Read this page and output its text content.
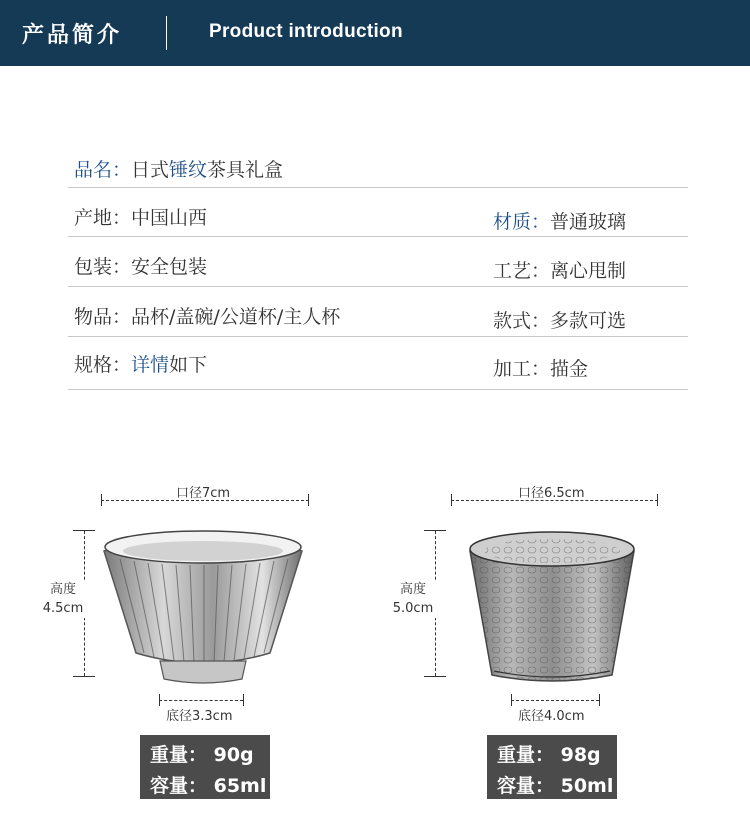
产品简介	Product introduction
品名：日式锤纹茶具礼盒
产地：中国山西	材质：普通玻璃
包装：安全包装	工艺：离心甩制
物品：品杯/盖碗/公道杯/主人杯	款式：多款可选
规格：详情如下	加工：描金
口径7cm
高度
4.5cm
底径3.3cm
重量： 90g
容量： 65ml
口径6.5cm
高度
5.0cm
底径4.0cm
重量： 98g
容量： 50ml
